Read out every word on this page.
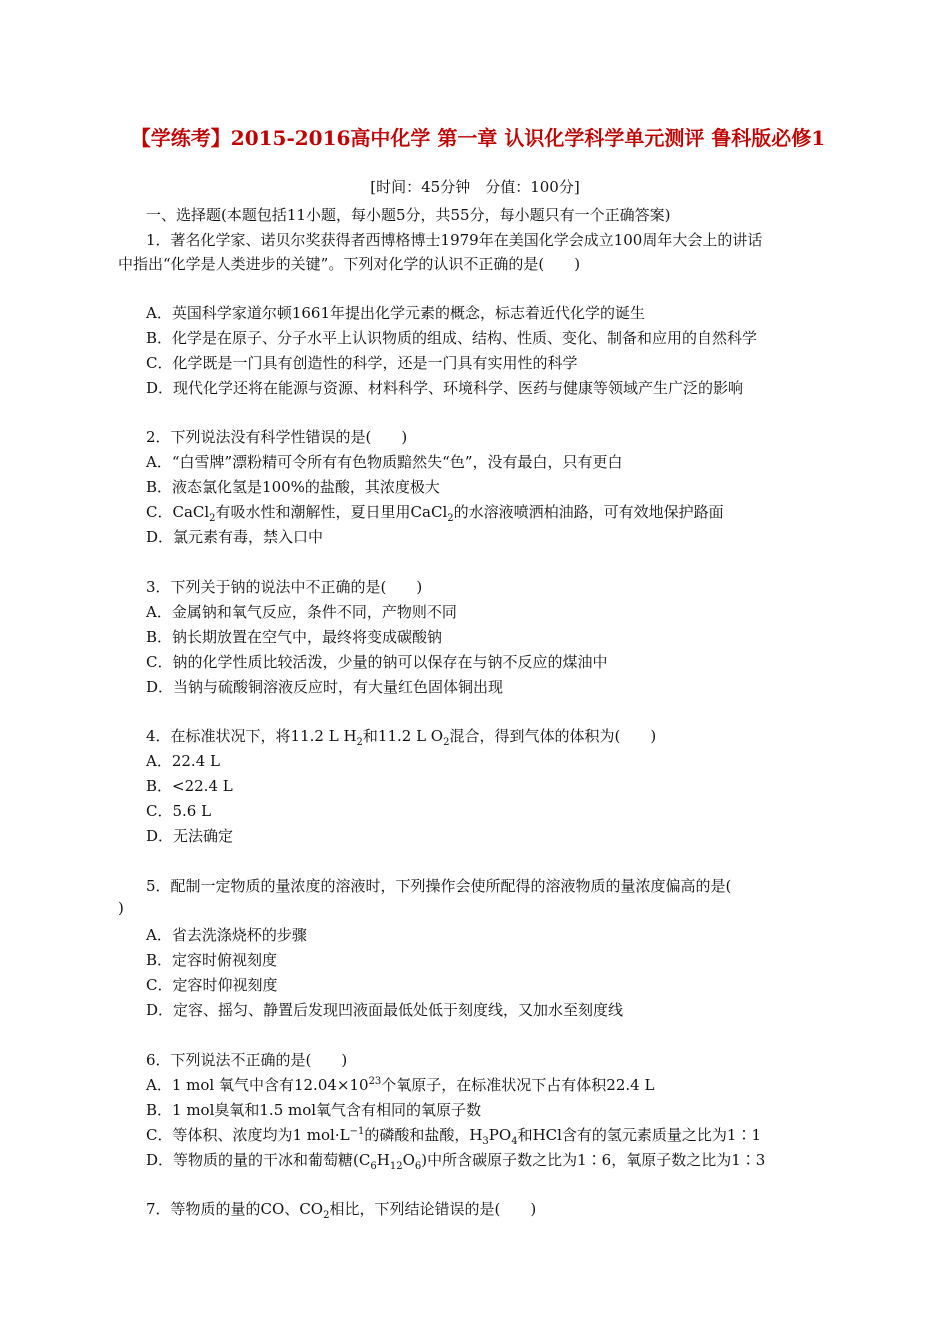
【学练考】2015-2016高中化学 第一章 认识化学科学单元测评 鲁科版必修1
[时间：45分钟　分值：100分]
一、选择题(本题包括11小题，每小题5分，共55分，每小题只有一个正确答案)
1．著名化学家、诺贝尔奖获得者西博格博士1979年在美国化学会成立100周年大会上的讲话
中指出“化学是人类进步的关键”。下列对化学的认识不正确的是(　　)
A．英国科学家道尔顿1661年提出化学元素的概念，标志着近代化学的诞生
B．化学是在原子、分子水平上认识物质的组成、结构、性质、变化、制备和应用的自然科学
C．化学既是一门具有创造性的科学，还是一门具有实用性的科学
D．现代化学还将在能源与资源、材料科学、环境科学、医药与健康等领域产生广泛的影响
2．下列说法没有科学性错误的是(　　)
A．“白雪牌”漂粉精可令所有有色物质黯然失“色”，没有最白，只有更白
B．液态氯化氢是100%的盐酸，其浓度极大
C．CaCl$_2$有吸水性和潮解性，夏日里用CaCl$_2$的水溶液喷洒柏油路，可有效地保护路面
D．氯元素有毒，禁入口中
3．下列关于钠的说法中不正确的是(　　)
A．金属钠和氧气反应，条件不同，产物则不同
B．钠长期放置在空气中，最终将变成碳酸钠
C．钠的化学性质比较活泼，少量的钠可以保存在与钠不反应的煤油中
D．当钠与硫酸铜溶液反应时，有大量红色固体铜出现
4．在标准状况下，将11.2 L $H_2$和11.2 L $O_2$混合，得到气体的体积为(　　)
A．22.4 L
B．<22.4 L
C．5.6 L
D．无法确定
5．配制一定物质的量浓度的溶液时，下列操作会使所配得的溶液物质的量浓度偏高的是(
)
A．省去洗涤烧杯的步骤
B．定容时俯视刻度
C．定容时仰视刻度
D．定容、摇匀、静置后发现凹液面最低处低于刻度线，又加水至刻度线
6．下列说法不正确的是(　　)
A．1 mol 氧气中含有$12.04\times 10^{23}$个氧原子，在标准状况下占有体积22.4 L
B．1 mol臭氧和1.5 mol氧气含有相同的氧原子数
C．等体积、浓度均为1 $mol\cdot L^{-1}$的磷酸和盐酸，$H_3PO_4$和HCl含有的氢元素质量之比为1∶1
D．等物质的量的干冰和葡萄糖$(C_6H_{12}O_6)$中所含碳原子数之比为1∶6，氧原子数之比为1∶3
7．等物质的量的CO、$CO_2$相比，下列结论错误的是(　　)
